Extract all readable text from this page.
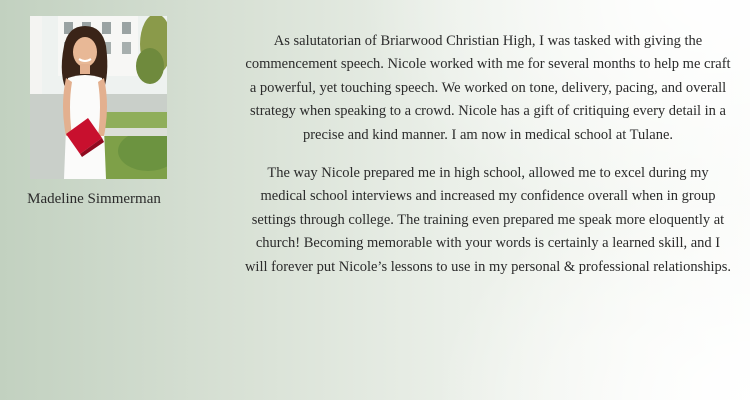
Madeline Simmerman

As salutatorian of Briarwood Christian High, I was tasked with giving the commencement speech. Nicole worked with me for several months to help me craft a powerful, yet touching speech. We worked on tone, delivery, pacing, and overall strategy when speaking to a crowd. Nicole has a gift of critiquing every detail in a precise and kind manner. I am now in medical school at Tulane.

The way Nicole prepared me in high school, allowed me to excel during my medical school interviews and increased my confidence overall when in group settings through college. The training even prepared me speak more eloquently at church! Becoming memorable with your words is certainly a learned skill, and I will forever put Nicole’s lessons to use in my personal & professional relationships.
